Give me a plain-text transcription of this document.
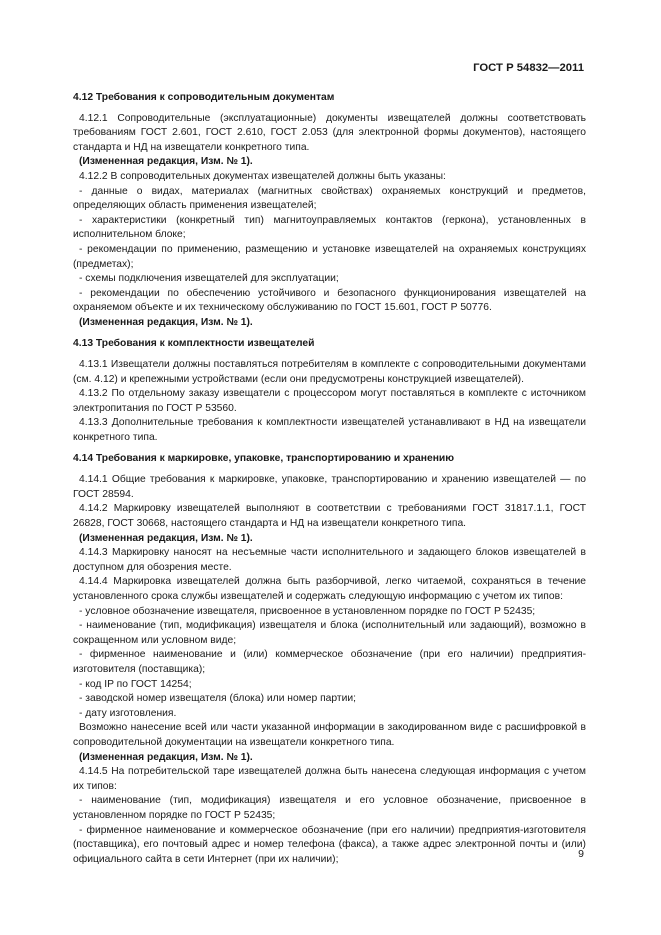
ГОСТ Р 54832—2011
4.12 Требования к сопроводительным документам

4.12.1 Сопроводительные (эксплуатационные) документы извещателей должны соответствовать требованиям ГОСТ 2.601, ГОСТ 2.610, ГОСТ 2.053 (для электронной формы документов), настоящего стандарта и НД на извещатели конкретного типа.

(Измененная редакция, Изм. № 1).

4.12.2 В сопроводительных документах извещателей должны быть указаны:

- данные о видах, материалах (магнитных свойствах) охраняемых конструкций и предметов, определяющих область применения извещателей;

- характеристики (конкретный тип) магнитоуправляемых контактов (геркона), установленных в исполнительном блоке;

- рекомендации по применению, размещению и установке извещателей на охраняемых конструкциях (предметах);

- схемы подключения извещателей для эксплуатации;

- рекомендации по обеспечению устойчивого и безопасного функционирования извещателей на охраняемом объекте и их техническому обслуживанию по ГОСТ 15.601, ГОСТ Р 50776.

(Измененная редакция, Изм. № 1).

4.13 Требования к комплектности извещателей

4.13.1 Извещатели должны поставляться потребителям в комплекте с сопроводительными документами (см. 4.12) и крепежными устройствами (если они предусмотрены конструкцией извещателей).

4.13.2 По отдельному заказу извещатели с процессором могут поставляться в комплекте с источником электропитания по ГОСТ Р 53560.

4.13.3 Дополнительные требования к комплектности извещателей устанавливают в НД на извещатели конкретного типа.

4.14 Требования к маркировке, упаковке, транспортированию и хранению

4.14.1 Общие требования к маркировке, упаковке, транспортированию и хранению извещателей — по ГОСТ 28594.

4.14.2 Маркировку извещателей выполняют в соответствии с требованиями ГОСТ 31817.1.1, ГОСТ 26828, ГОСТ 30668, настоящего стандарта и НД на извещатели конкретного типа.

(Измененная редакция, Изм. № 1).

4.14.3 Маркировку наносят на несъемные части исполнительного и задающего блоков извещателей в доступном для обозрения месте.

4.14.4 Маркировка извещателей должна быть разборчивой, легко читаемой, сохраняться в течение установленного срока службы извещателей и содержать следующую информацию с учетом их типов:

- условное обозначение извещателя, присвоенное в установленном порядке по ГОСТ Р 52435;

- наименование (тип, модификация) извещателя и блока (исполнительный или задающий), возможно в сокращенном или условном виде;

- фирменное наименование и (или) коммерческое обозначение (при его наличии) предприятия-изготовителя (поставщика);

- код IP по ГОСТ 14254;

- заводской номер извещателя (блока) или номер партии;

- дату изготовления.

Возможно нанесение всей или части указанной информации в закодированном виде с расшифровкой в сопроводительной документации на извещатели конкретного типа.

(Измененная редакция, Изм. № 1).

4.14.5 На потребительской таре извещателей должна быть нанесена следующая информация с учетом их типов:

- наименование (тип, модификация) извещателя и его условное обозначение, присвоенное в установленном порядке по ГОСТ Р 52435;

- фирменное наименование и коммерческое обозначение (при его наличии) предприятия-изготовителя (поставщика), его почтовый адрес и номер телефона (факса), а также адрес электронной почты и (или) официального сайта в сети Интернет (при их наличии);	9
